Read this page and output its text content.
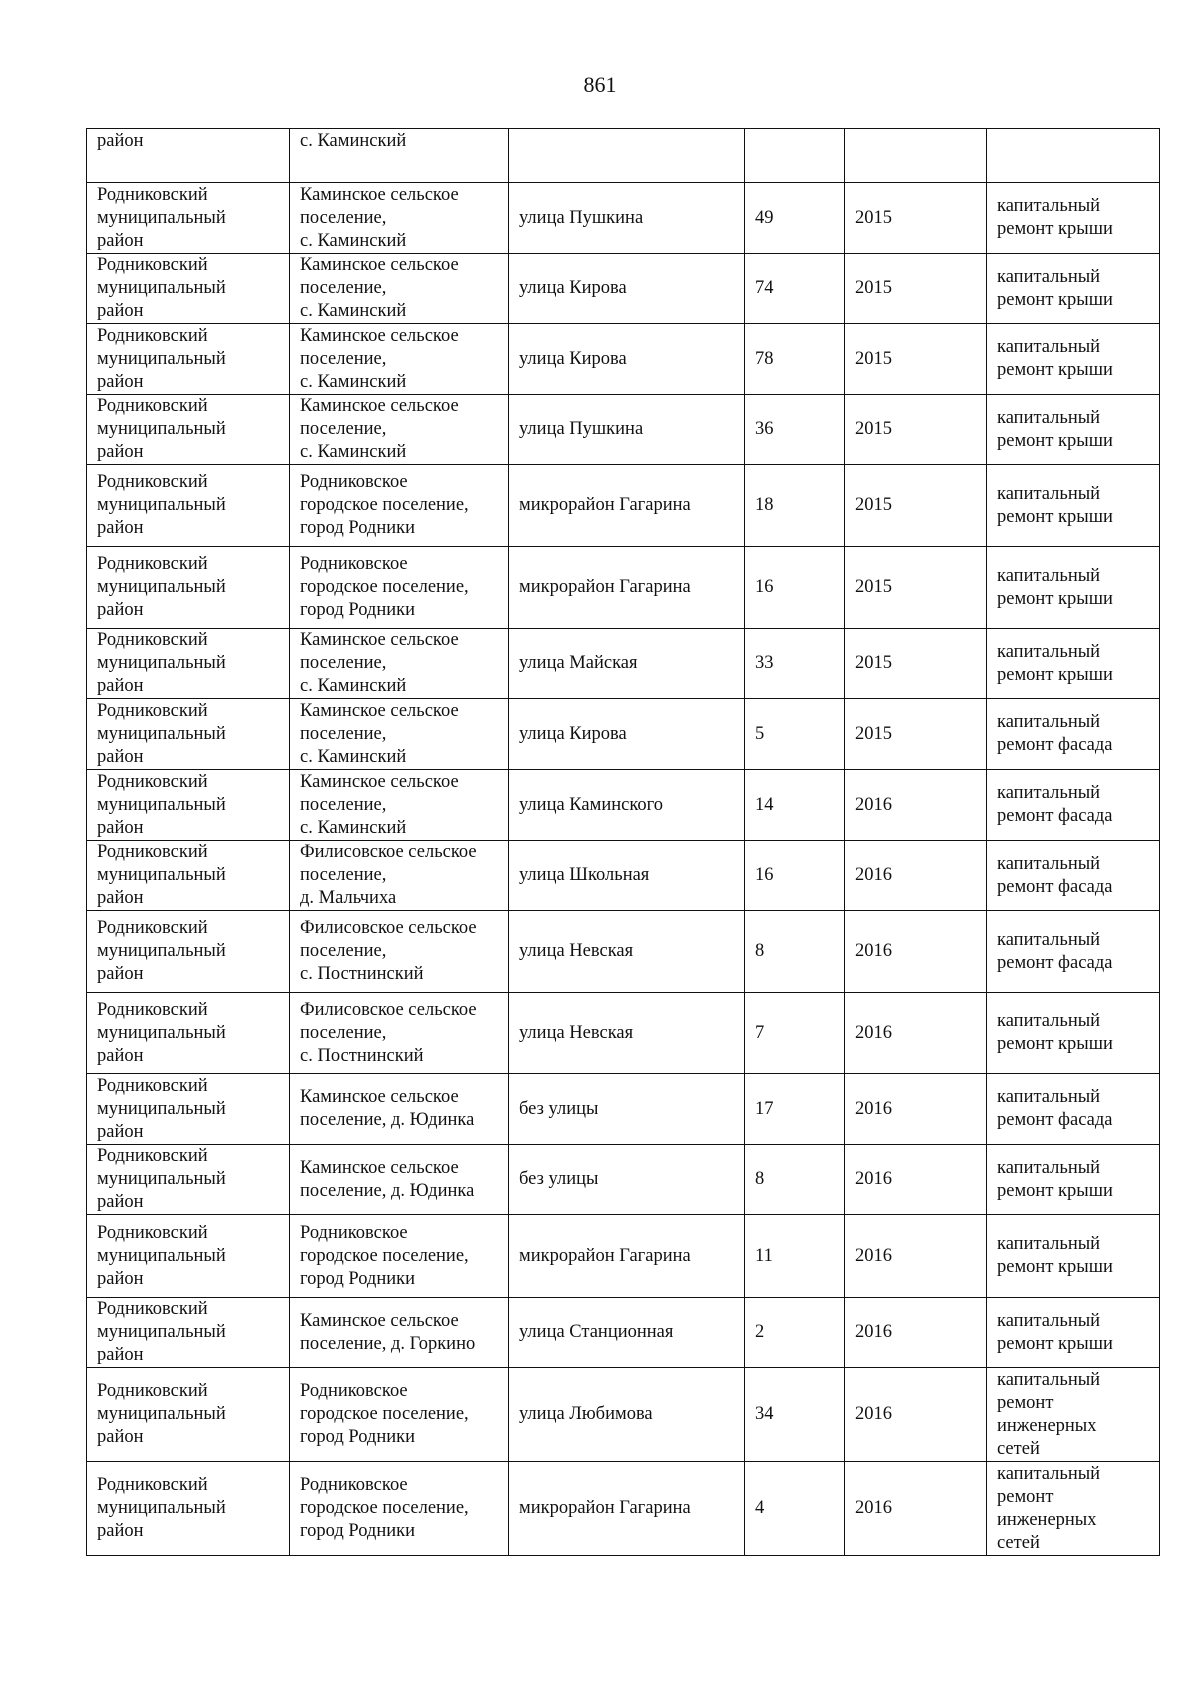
861
район	с. Каминский				

Родниковский
муниципальный
район	Каминское сельское
поселение,
с. Каминский	улица Пушкина	49	2015	капитальный
ремонт крыши

Родниковский
муниципальный
район	Каминское сельское
поселение,
с. Каминский	улица Кирова	74	2015	капитальный
ремонт крыши

Родниковский
муниципальный
район	Каминское сельское
поселение,
с. Каминский	улица Кирова	78	2015	капитальный
ремонт крыши

Родниковский
муниципальный
район	Каминское сельское
поселение,
с. Каминский	улица Пушкина	36	2015	капитальный
ремонт крыши

Родниковский
муниципальный
район	Родниковское
городское поселение,
город Родники	микрорайон Гагарина	18	2015	капитальный
ремонт крыши

Родниковский
муниципальный
район	Родниковское
городское поселение,
город Родники	микрорайон Гагарина	16	2015	капитальный
ремонт крыши

Родниковский
муниципальный
район	Каминское сельское
поселение,
с. Каминский	улица Майская	33	2015	капитальный
ремонт крыши

Родниковский
муниципальный
район	Каминское сельское
поселение,
с. Каминский	улица Кирова	5	2015	капитальный
ремонт фасада

Родниковский
муниципальный
район	Каминское сельское
поселение,
с. Каминский	улица Каминского	14	2016	капитальный
ремонт фасада

Родниковский
муниципальный
район	Филисовское сельское
поселение,
д. Мальчиха	улица Школьная	16	2016	капитальный
ремонт фасада

Родниковский
муниципальный
район	Филисовское сельское
поселение,
с. Постнинский	улица Невская	8	2016	капитальный
ремонт фасада

Родниковский
муниципальный
район	Филисовское сельское
поселение,
с. Постнинский	улица Невская	7	2016	капитальный
ремонт крыши

Родниковский
муниципальный
район	Каминское сельское
поселение, д. Юдинка	без улицы	17	2016	капитальный
ремонт фасада

Родниковский
муниципальный
район	Каминское сельское
поселение, д. Юдинка	без улицы	8	2016	капитальный
ремонт крыши

Родниковский
муниципальный
район	Родниковское
городское поселение,
город Родники	микрорайон Гагарина	11	2016	капитальный
ремонт крыши

Родниковский
муниципальный
район	Каминское сельское
поселение, д. Горкино	улица Станционная	2	2016	капитальный
ремонт крыши

Родниковский
муниципальный
район	Родниковское
городское поселение,
город Родники	улица Любимова	34	2016	капитальный
ремонт
инженерных
сетей

Родниковский
муниципальный
район	Родниковское
городское поселение,
город Родники	микрорайон Гагарина	4	2016	капитальный
ремонт
инженерных
сетей
